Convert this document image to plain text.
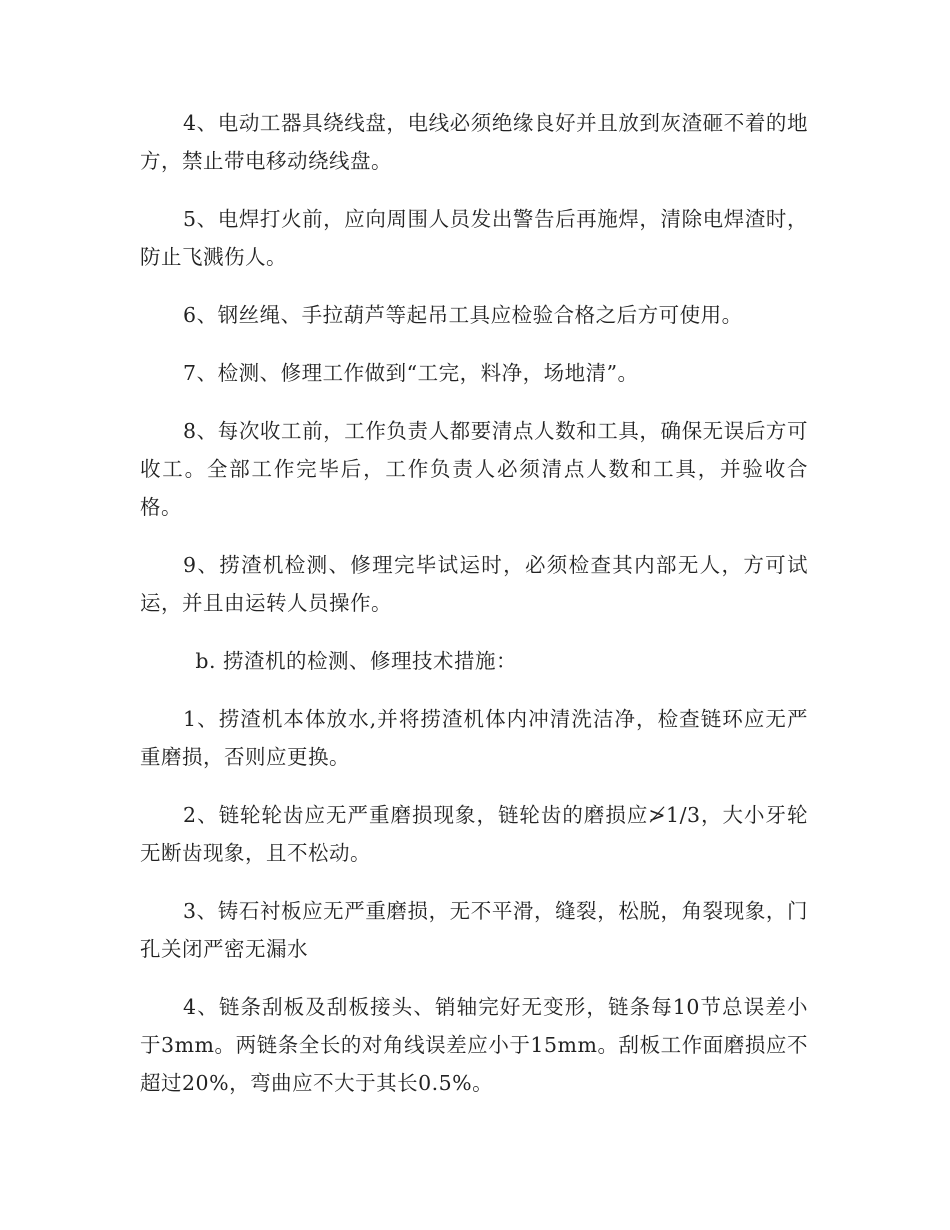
4、电动工器具绕线盘，电线必须绝缘良好并且放到灰渣砸不着的地方，禁止带电移动绕线盘。

5、电焊打火前，应向周围人员发出警告后再施焊，清除电焊渣时，防止飞溅伤人。

6、钢丝绳、手拉葫芦等起吊工具应检验合格之后方可使用。

7、检测、修理工作做到“工完，料净，场地清”。

8、每次收工前，工作负责人都要清点人数和工具，确保无误后方可收工。全部工作完毕后，工作负责人必须清点人数和工具，并验收合格。

9、捞渣机检测、修理完毕试运时，必须检查其内部无人，方可试运，并且由运转人员操作。

b. 捞渣机的检测、修理技术措施：

1、捞渣机本体放水,并将捞渣机体内冲清洗洁净，检查链环应无严重磨损，否则应更换。

2、链轮轮齿应无严重磨损现象，链轮齿的磨损应≯1/3，大小牙轮无断齿现象，且不松动。

3、铸石衬板应无严重磨损，无不平滑，缝裂，松脱，角裂现象，门孔关闭严密无漏水

4、链条刮板及刮板接头、销轴完好无变形，链条每10节总误差小于3mm。两链条全长的对角线误差应小于15mm。刮板工作面磨损应不超过20%，弯曲应不大于其长0.5%。
